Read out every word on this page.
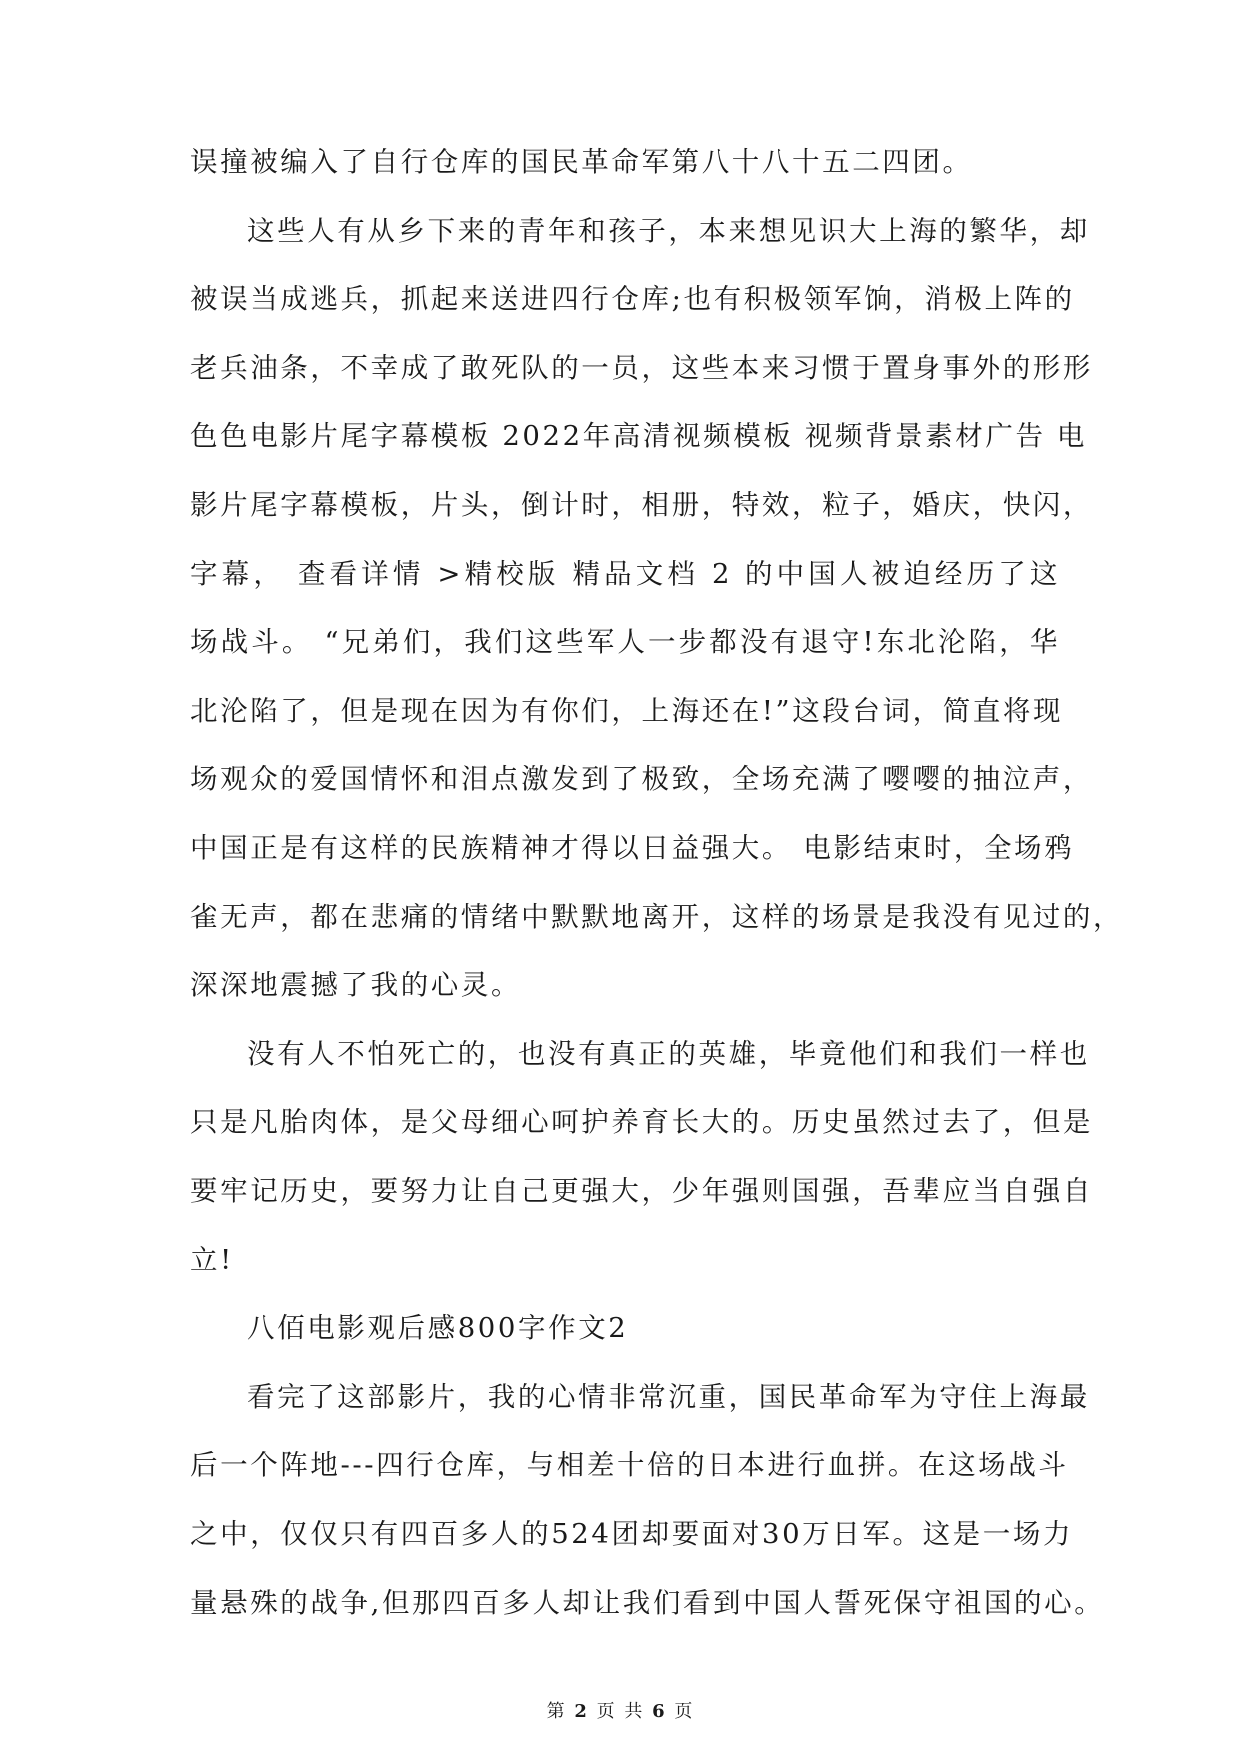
误撞被编入了自行仓库的国民革命军第八十八十五二四团。
这些人有从乡下来的青年和孩子，本来想见识大上海的繁华，却
被误当成逃兵，抓起来送进四行仓库;也有积极领军饷，消极上阵的
老兵油条，不幸成了敢死队的一员，这些本来习惯于置身事外的形形
色色电影片尾字幕模板 2022年高清视频模板 视频背景素材广告 电
影片尾字幕模板，片头，倒计时，相册，特效，粒子，婚庆，快闪，
字幕， 查看详情 >精校版 精品文档 2 的中国人被迫经历了这
场战斗。 “兄弟们，我们这些军人一步都没有退守!东北沦陷，华
北沦陷了，但是现在因为有你们，上海还在!”这段台词，简直将现
场观众的爱国情怀和泪点激发到了极致，全场充满了嘤嘤的抽泣声，
中国正是有这样的民族精神才得以日益强大。 电影结束时，全场鸦
雀无声，都在悲痛的情绪中默默地离开，这样的场景是我没有见过的，
深深地震撼了我的心灵。
没有人不怕死亡的，也没有真正的英雄，毕竟他们和我们一样也
只是凡胎肉体，是父母细心呵护养育长大的。历史虽然过去了，但是
要牢记历史，要努力让自己更强大，少年强则国强，吾辈应当自强自
立!
八佰电影观后感800字作文2
看完了这部影片，我的心情非常沉重，国民革命军为守住上海最
后一个阵地---四行仓库，与相差十倍的日本进行血拼。在这场战斗
之中，仅仅只有四百多人的524团却要面对30万日军。这是一场力
量悬殊的战争,但那四百多人却让我们看到中国人誓死保守祖国的心。
第 2 页 共 6 页
